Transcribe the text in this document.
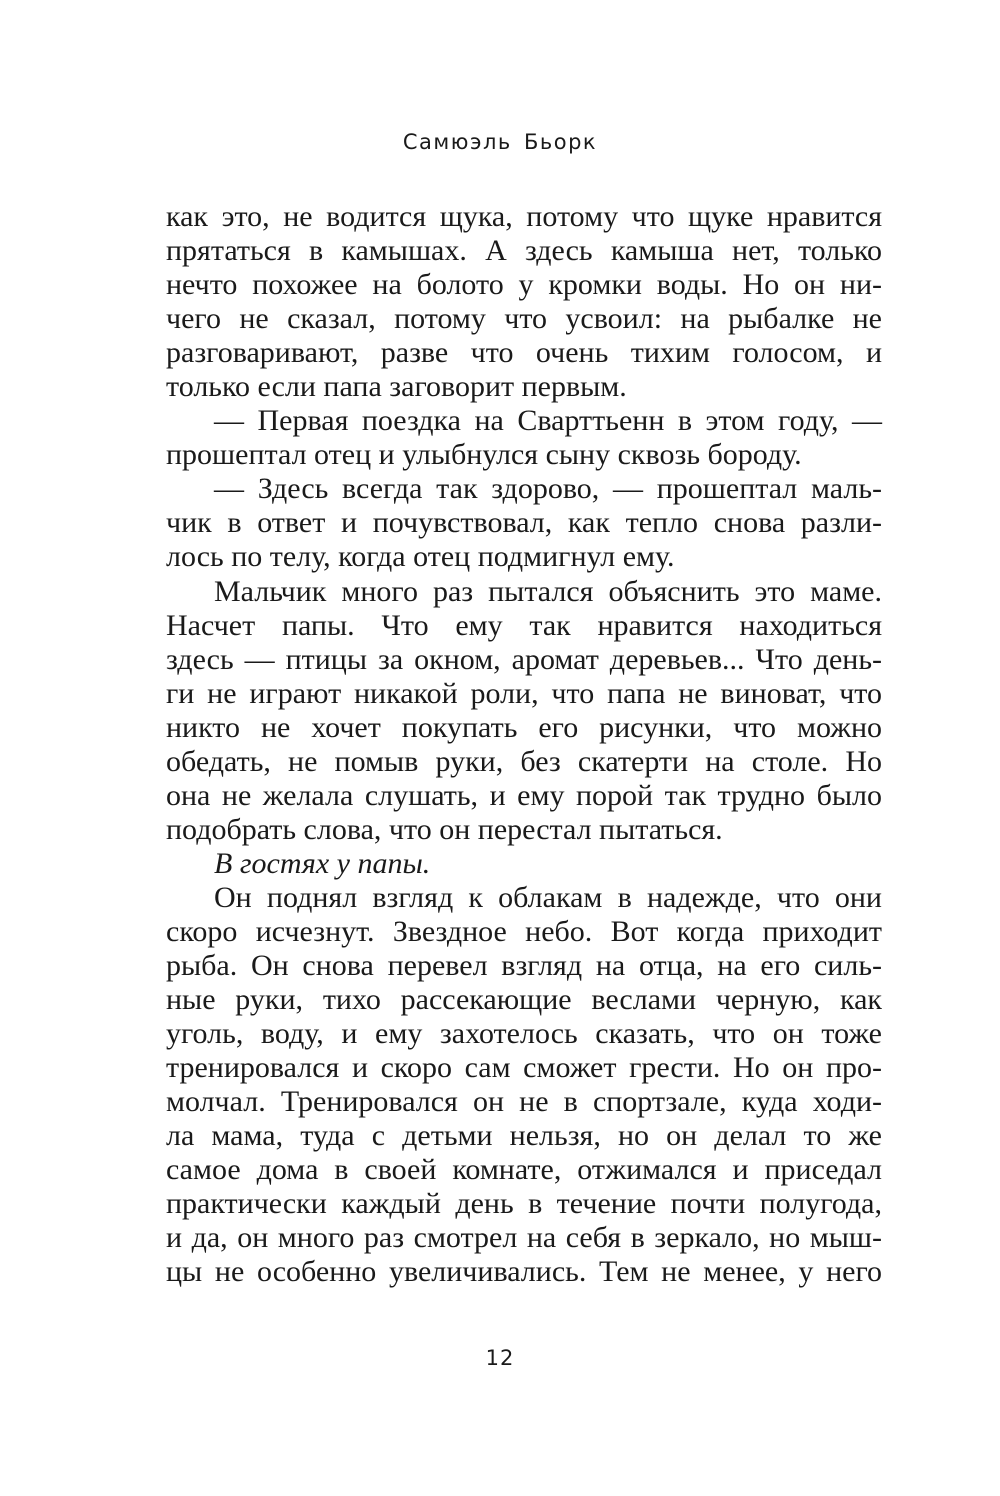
Самюэль Бьорк
как это, не водится щука, потому что щуке нравится
прятаться в камышах. А здесь камыша нет, только
нечто похожее на болото у кромки воды. Но он ни-
чего не сказал, потому что усвоил: на рыбалке не
разговаривают, разве что очень тихим голосом, и
только если папа заговорит первым.
— Первая поездка на Сварттьенн в этом году, —
прошептал отец и улыбнулся сыну сквозь бороду.
— Здесь всегда так здорово, — прошептал маль-
чик в ответ и почувствовал, как тепло снова разли-
лось по телу, когда отец подмигнул ему.
Мальчик много раз пытался объяснить это маме.
Насчет папы. Что ему так нравится находиться
здесь — птицы за окном, аромат деревьев... Что день-
ги не играют никакой роли, что папа не виноват, что
никто не хочет покупать его рисунки, что можно
обедать, не помыв руки, без скатерти на столе. Но
она не желала слушать, и ему порой так трудно было
подобрать слова, что он перестал пытаться.
В гостях у папы.
Он поднял взгляд к облакам в надежде, что они
скоро исчезнут. Звездное небо. Вот когда приходит
рыба. Он снова перевел взгляд на отца, на его силь-
ные руки, тихо рассекающие веслами черную, как
уголь, воду, и ему захотелось сказать, что он тоже
тренировался и скоро сам сможет грести. Но он про-
молчал. Тренировался он не в спортзале, куда ходи-
ла мама, туда с детьми нельзя, но он делал то же
самое дома в своей комнате, отжимался и приседал
практически каждый день в течение почти полугода,
и да, он много раз смотрел на себя в зеркало, но мыш-
цы не особенно увеличивались. Тем не менее, у него
12
